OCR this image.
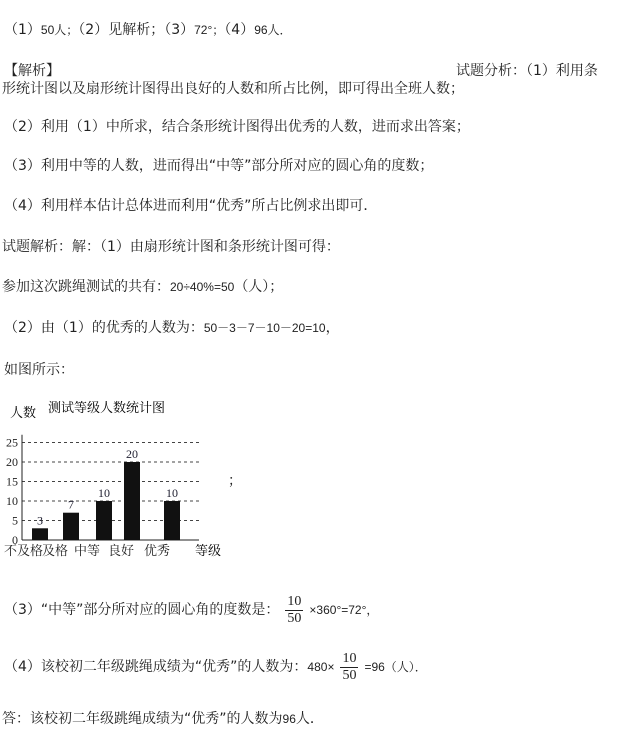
（1）50人；（2）见解析；（3）72°；（4）96人．
【解析】	试题分析：（1）利用条
形统计图以及扇形统计图得出良好的人数和所占比例，即可得出全班人数；
（2）利用（1）中所求，结合条形统计图得出优秀的人数，进而求出答案；
（3）利用中等的人数，进而得出“中等”部分所对应的圆心角的度数；
（4）利用样本估计总体进而利用“优秀”所占比例求出即可．
试题解析：解：（1）由扇形统计图和条形统计图可得：
参加这次跳绳测试的共有：20÷40%=50（人）；
（2）由（1）的优秀的人数为：50－3－7－10－20=10，
如图所示：
0
5
10
15
20
25
3
7
10
20
10
不及格
及格 中等 良好 优秀
测试等级人数统计图
人数
等级
；
（3）“中等”部分所对应的圆心角的度数是： $\frac{10}{50} \times 360^\circ=72^\circ$，
（4）该校初二年级跳绳成绩为“优秀”的人数为：$480\times \frac{10}{50} =96$（人）．
答：该校初二年级跳绳成绩为“优秀”的人数为96人．
